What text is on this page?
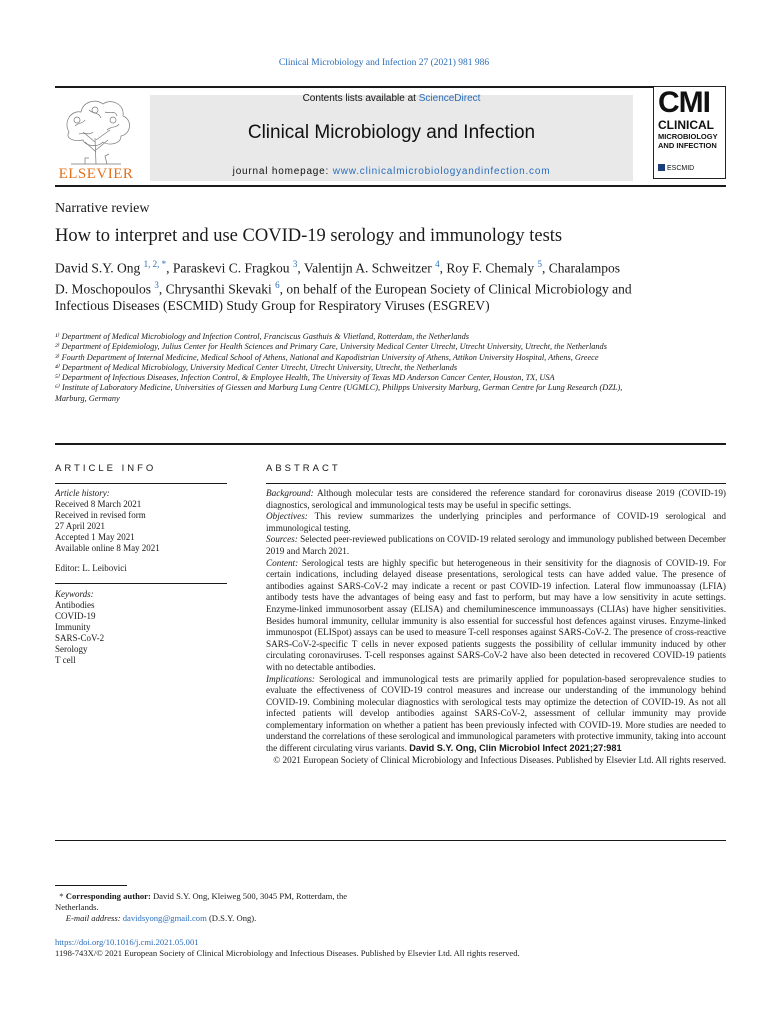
Clinical Microbiology and Infection 27 (2021) 981 986
ELSEVIER
Contents lists available at ScienceDirect
Clinical Microbiology and Infection
journal homepage: www.clinicalmicrobiologyandinfection.com
CMI
CLINICAL
MICROBIOLOGY AND INFECTION
ESCMID
Narrative review
How to interpret and use COVID-19 serology and immunology tests
David S.Y. Ong $^{1, 2, *}$, Paraskevi C. Fragkou $^3$, Valentijn A. Schweitzer $^4$, Roy F. Chemaly $^5$, Charalampos D. Moschopoulos $^3$, Chrysanthi Skevaki $^6$, on behalf of the European Society of Clinical Microbiology and Infectious Diseases (ESCMID) Study Group for Respiratory Viruses (ESGREV)

¹⁾ Department of Medical Microbiology and Infection Control, Franciscus Gasthuis & Vlietland, Rotterdam, the Netherlands

²⁾ Department of Epidemiology, Julius Center for Health Sciences and Primary Care, University Medical Center Utrecht, Utrecht University, Utrecht, the Netherlands

³⁾ Fourth Department of Internal Medicine, Medical School of Athens, National and Kapodistrian University of Athens, Attikon University Hospital, Athens, Greece

⁴⁾ Department of Medical Microbiology, University Medical Center Utrecht, Utrecht University, Utrecht, the Netherlands

⁵⁾ Department of Infectious Diseases, Infection Control, & Employee Health, The University of Texas MD Anderson Cancer Center, Houston, TX, USA

⁶⁾ Institute of Laboratory Medicine, Universities of Giessen and Marburg Lung Centre (UGMLC), Philipps University Marburg, German Centre for Lung Research (DZL), Marburg, Germany

ARTICLE INFO	ABSTRACT
Article history:
Received 8 March 2021
Received in revised form
27 April 2021
Accepted 1 May 2021
Available online 8 May 2021
Editor: L. Leibovici
Keywords:
Antibodies
COVID-19
Immunity
SARS-CoV-2
Serology
T cell

Background: Although molecular tests are considered the reference standard for coronavirus disease 2019 (COVID-19) diagnostics, serological and immunological tests may be useful in specific settings.

Objectives: This review summarizes the underlying principles and performance of COVID-19 serological and immunological testing.

Sources: Selected peer-reviewed publications on COVID-19 related serology and immunology published between December 2019 and March 2021.

Content: Serological tests are highly specific but heterogeneous in their sensitivity for the diagnosis of COVID-19. For certain indications, including delayed disease presentations, serological tests can have added value. The presence of antibodies against SARS-CoV-2 may indicate a recent or past COVID-19 infection. Lateral flow immunoassay (LFIA) antibody tests have the advantages of being easy and fast to perform, but may have a low sensitivity in acute settings. Enzyme-linked immunosorbent assay (ELISA) and chemiluminescence immunoassays (CLIAs) have higher sensitivities. Besides humoral immunity, cellular immunity is also essential for successful host defences against viruses. Enzyme-linked immunospot (ELISpot) assays can be used to measure T-cell responses against SARS-CoV-2. The presence of cross-reactive SARS-CoV-2-specific T cells in never exposed patients suggests the possibility of cellular immunity induced by other circulating coronaviruses. T-cell responses against SARS-CoV-2 have also been detected in recovered COVID-19 patients with no detectable antibodies.

Implications: Serological and immunological tests are primarily applied for population-based seroprevalence studies to evaluate the effectiveness of COVID-19 control measures and increase our understanding of the immunology behind COVID-19. Combining molecular diagnostics with serological tests may optimize the detection of COVID-19. As not all infected patients will develop antibodies against SARS-CoV-2, assessment of cellular immunity may provide complementary information on whether a patient has been previously infected with COVID-19. More studies are needed to understand the correlations of these serological and immunological parameters with protective immunity, taking into account the different circulating virus variants. David S.Y. Ong, Clin Microbiol Infect 2021;27:981

© 2021 European Society of Clinical Microbiology and Infectious Diseases. Published by Elsevier Ltd. All rights reserved.

* Corresponding author: David S.Y. Ong, Kleiweg 500, 3045 PM, Rotterdam, the Netherlands.
E-mail address: davidsyong@gmail.com (D.S.Y. Ong).
https://doi.org/10.1016/j.cmi.2021.05.001
1198-743X/© 2021 European Society of Clinical Microbiology and Infectious Diseases. Published by Elsevier Ltd. All rights reserved.
